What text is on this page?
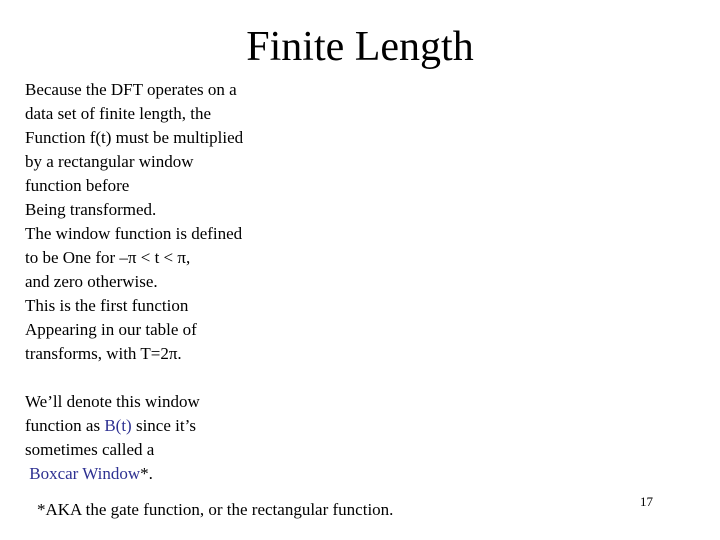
Finite Length
Because the DFT operates on a
data set of finite length, the
Function f(t) must be multiplied
by a rectangular window
function before
Being transformed.
The window function is defined
to be One for –π < t < π,
and zero otherwise.
This is the first function
Appearing in our table of
transforms, with T=2π.
We’ll denote this window
function as B(t) since it’s
sometimes called a
Boxcar Window*.
*AKA the gate function, or the rectangular function.	17
